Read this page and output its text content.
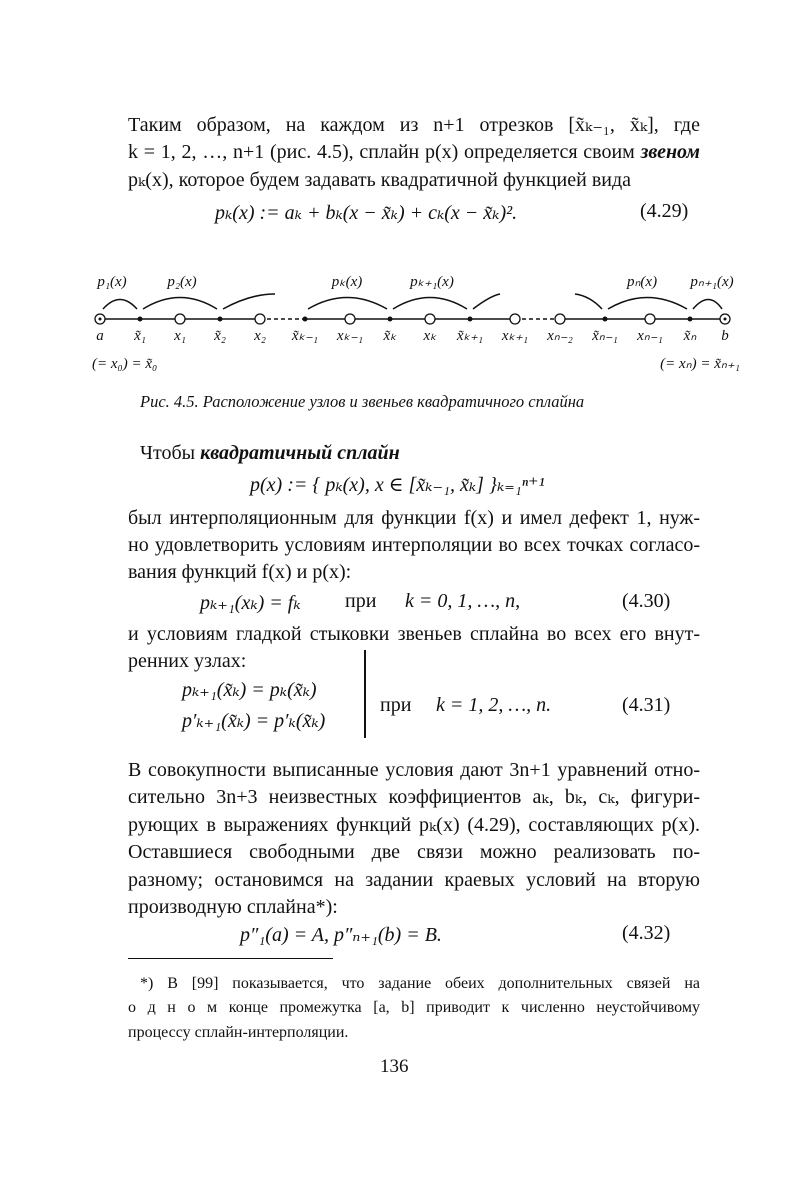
Таким образом, на каждом из n+1 отрезков [x̃ₖ₋₁, x̃ₖ], где
k = 1, 2, …, n+1 (рис. 4.5), сплайн p(x) определяется своим звеном
pₖ(x), которое будем задавать квадратичной функцией вида
pₖ(x) := aₖ + bₖ(x − x̃ₖ) + cₖ(x − x̃ₖ)².	(4.29)
p₁(x)	p₂(x)	pₖ(x)	pₖ₊₁(x)	pₙ(x) pₙ₊₁(x)
a x̃₁ x₁ x̃₂ x₂ x̃ₖ₋₁ xₖ₋₁ x̃ₖ xₖ x̃ₖ₊₁ xₖ₊₁ xₙ₋₂ x̃ₙ₋₁ xₙ₋₁ x̃ₙ b
(= x₀) = x̃₀	(= xₙ) = x̃ₙ₊₁
Рис. 4.5. Расположение узлов и звеньев квадратичного сплайна
Чтобы квадратичный сплайн
p(x) := { pₖ(x), x ∈ [x̃ₖ₋₁, x̃ₖ] }ₖ₌₁ⁿ⁺¹
был интерполяционным для функции f(x) и имел дефект 1, нуж-
но удовлетворить условиям интерполяции во всех точках согласо-
вания функций f(x) и p(x):
pₖ₊₁(xₖ) = fₖ при k = 0, 1, …, n,	(4.30)
и условиям гладкой стыковки звеньев сплайна во всех его внут-
ренних узлах:
pₖ₊₁(x̃ₖ) = pₖ(x̃ₖ)
p′ₖ₊₁(x̃ₖ) = p′ₖ(x̃ₖ)
при k = 1, 2, …, n.	(4.31)
В совокупности выписанные условия дают 3n+1 уравнений отно-
сительно 3n+3 неизвестных коэффициентов aₖ, bₖ, cₖ, фигури-
рующих в выражениях функций pₖ(x) (4.29), составляющих p(x).
Оставшиеся свободными две связи можно реализовать по-
разному; остановимся на задании краевых условий на вторую
производную сплайна*):
p″₁(a) = A, p″ₙ₊₁(b) = B.	(4.32)
*) В [99] показывается, что задание обеих дополнительных связей на
о д н о м конце промежутка [a, b] приводит к численно неустойчивому
процессу сплайн-интерполяции.
136
